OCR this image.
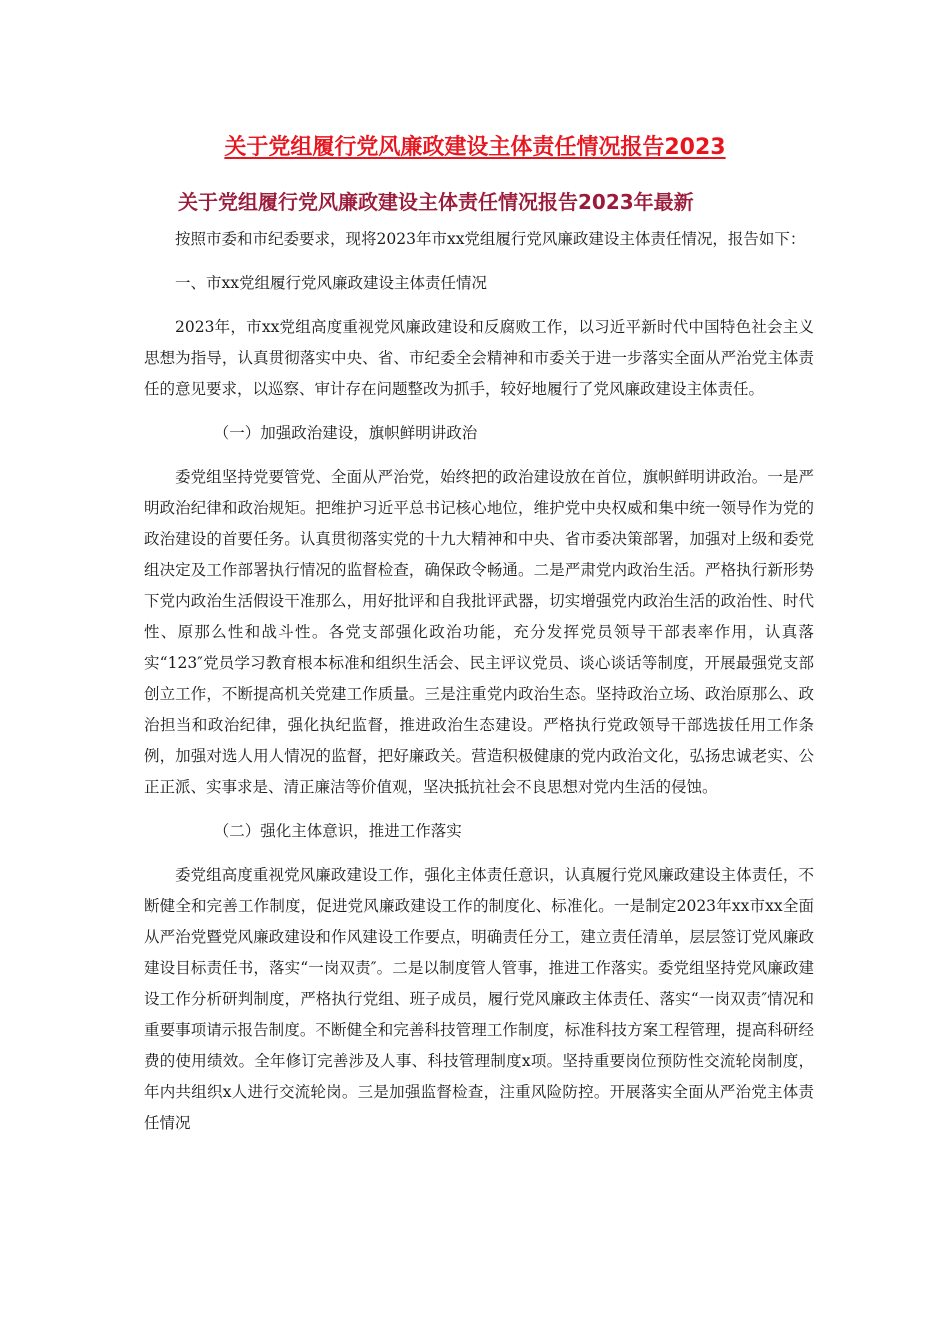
关于党组履行党风廉政建设主体责任情况报告2023
关于党组履行党风廉政建设主体责任情况报告2023年最新

按照市委和市纪委要求，现将2023年市xx党组履行党风廉政建设主体责任情况，报告如下：

一、市xx党组履行党风廉政建设主体责任情况

2023年，市xx党组高度重视党风廉政建设和反腐败工作，以习近平新时代中国特色社会主义思想为指导，认真贯彻落实中央、省、市纪委全会精神和市委关于进一步落实全面从严治党主体责任的意见要求，以巡察、审计存在问题整改为抓手，较好地履行了党风廉政建设主体责任。

（一）加强政治建设，旗帜鲜明讲政治

委党组坚持党要管党、全面从严治党，始终把的政治建设放在首位，旗帜鲜明讲政治。一是严明政治纪律和政治规矩。把维护习近平总书记核心地位，维护党中央权威和集中统一领导作为党的政治建设的首要任务。认真贯彻落实党的十九大精神和中央、省市委决策部署，加强对上级和委党组决定及工作部署执行情况的监督检查，确保政令畅通。二是严肃党内政治生活。严格执行新形势下党内政治生活假设干准那么，用好批评和自我批评武器，切实增强党内政治生活的政治性、时代性、原那么性和战斗性。各党支部强化政治功能，充分发挥党员领导干部表率作用，认真落实“123″党员学习教育根本标准和组织生活会、民主评议党员、谈心谈话等制度，开展最强党支部创立工作，不断提高机关党建工作质量。三是注重党内政治生态。坚持政治立场、政治原那么、政治担当和政治纪律，强化执纪监督，推进政治生态建设。严格执行党政领导干部选拔任用工作条例，加强对选人用人情况的监督，把好廉政关。营造积极健康的党内政治文化，弘扬忠诚老实、公正正派、实事求是、清正廉洁等价值观，坚决抵抗社会不良思想对党内生活的侵蚀。

（二）强化主体意识，推进工作落实

委党组高度重视党风廉政建设工作，强化主体责任意识，认真履行党风廉政建设主体责任，不断健全和完善工作制度，促进党风廉政建设工作的制度化、标准化。一是制定2023年xx市xx全面从严治党暨党风廉政建设和作风建设工作要点，明确责任分工，建立责任清单，层层签订党风廉政建设目标责任书，落实“一岗双责″。二是以制度管人管事，推进工作落实。委党组坚持党风廉政建设工作分析研判制度，严格执行党组、班子成员，履行党风廉政主体责任、落实“一岗双责″情况和重要事项请示报告制度。不断健全和完善科技管理工作制度，标准科技方案工程管理，提高科研经费的使用绩效。全年修订完善涉及人事、科技管理制度x项。坚持重要岗位预防性交流轮岗制度，年内共组织x人进行交流轮岗。三是加强监督检查，注重风险防控。开展落实全面从严治党主体责任情况
